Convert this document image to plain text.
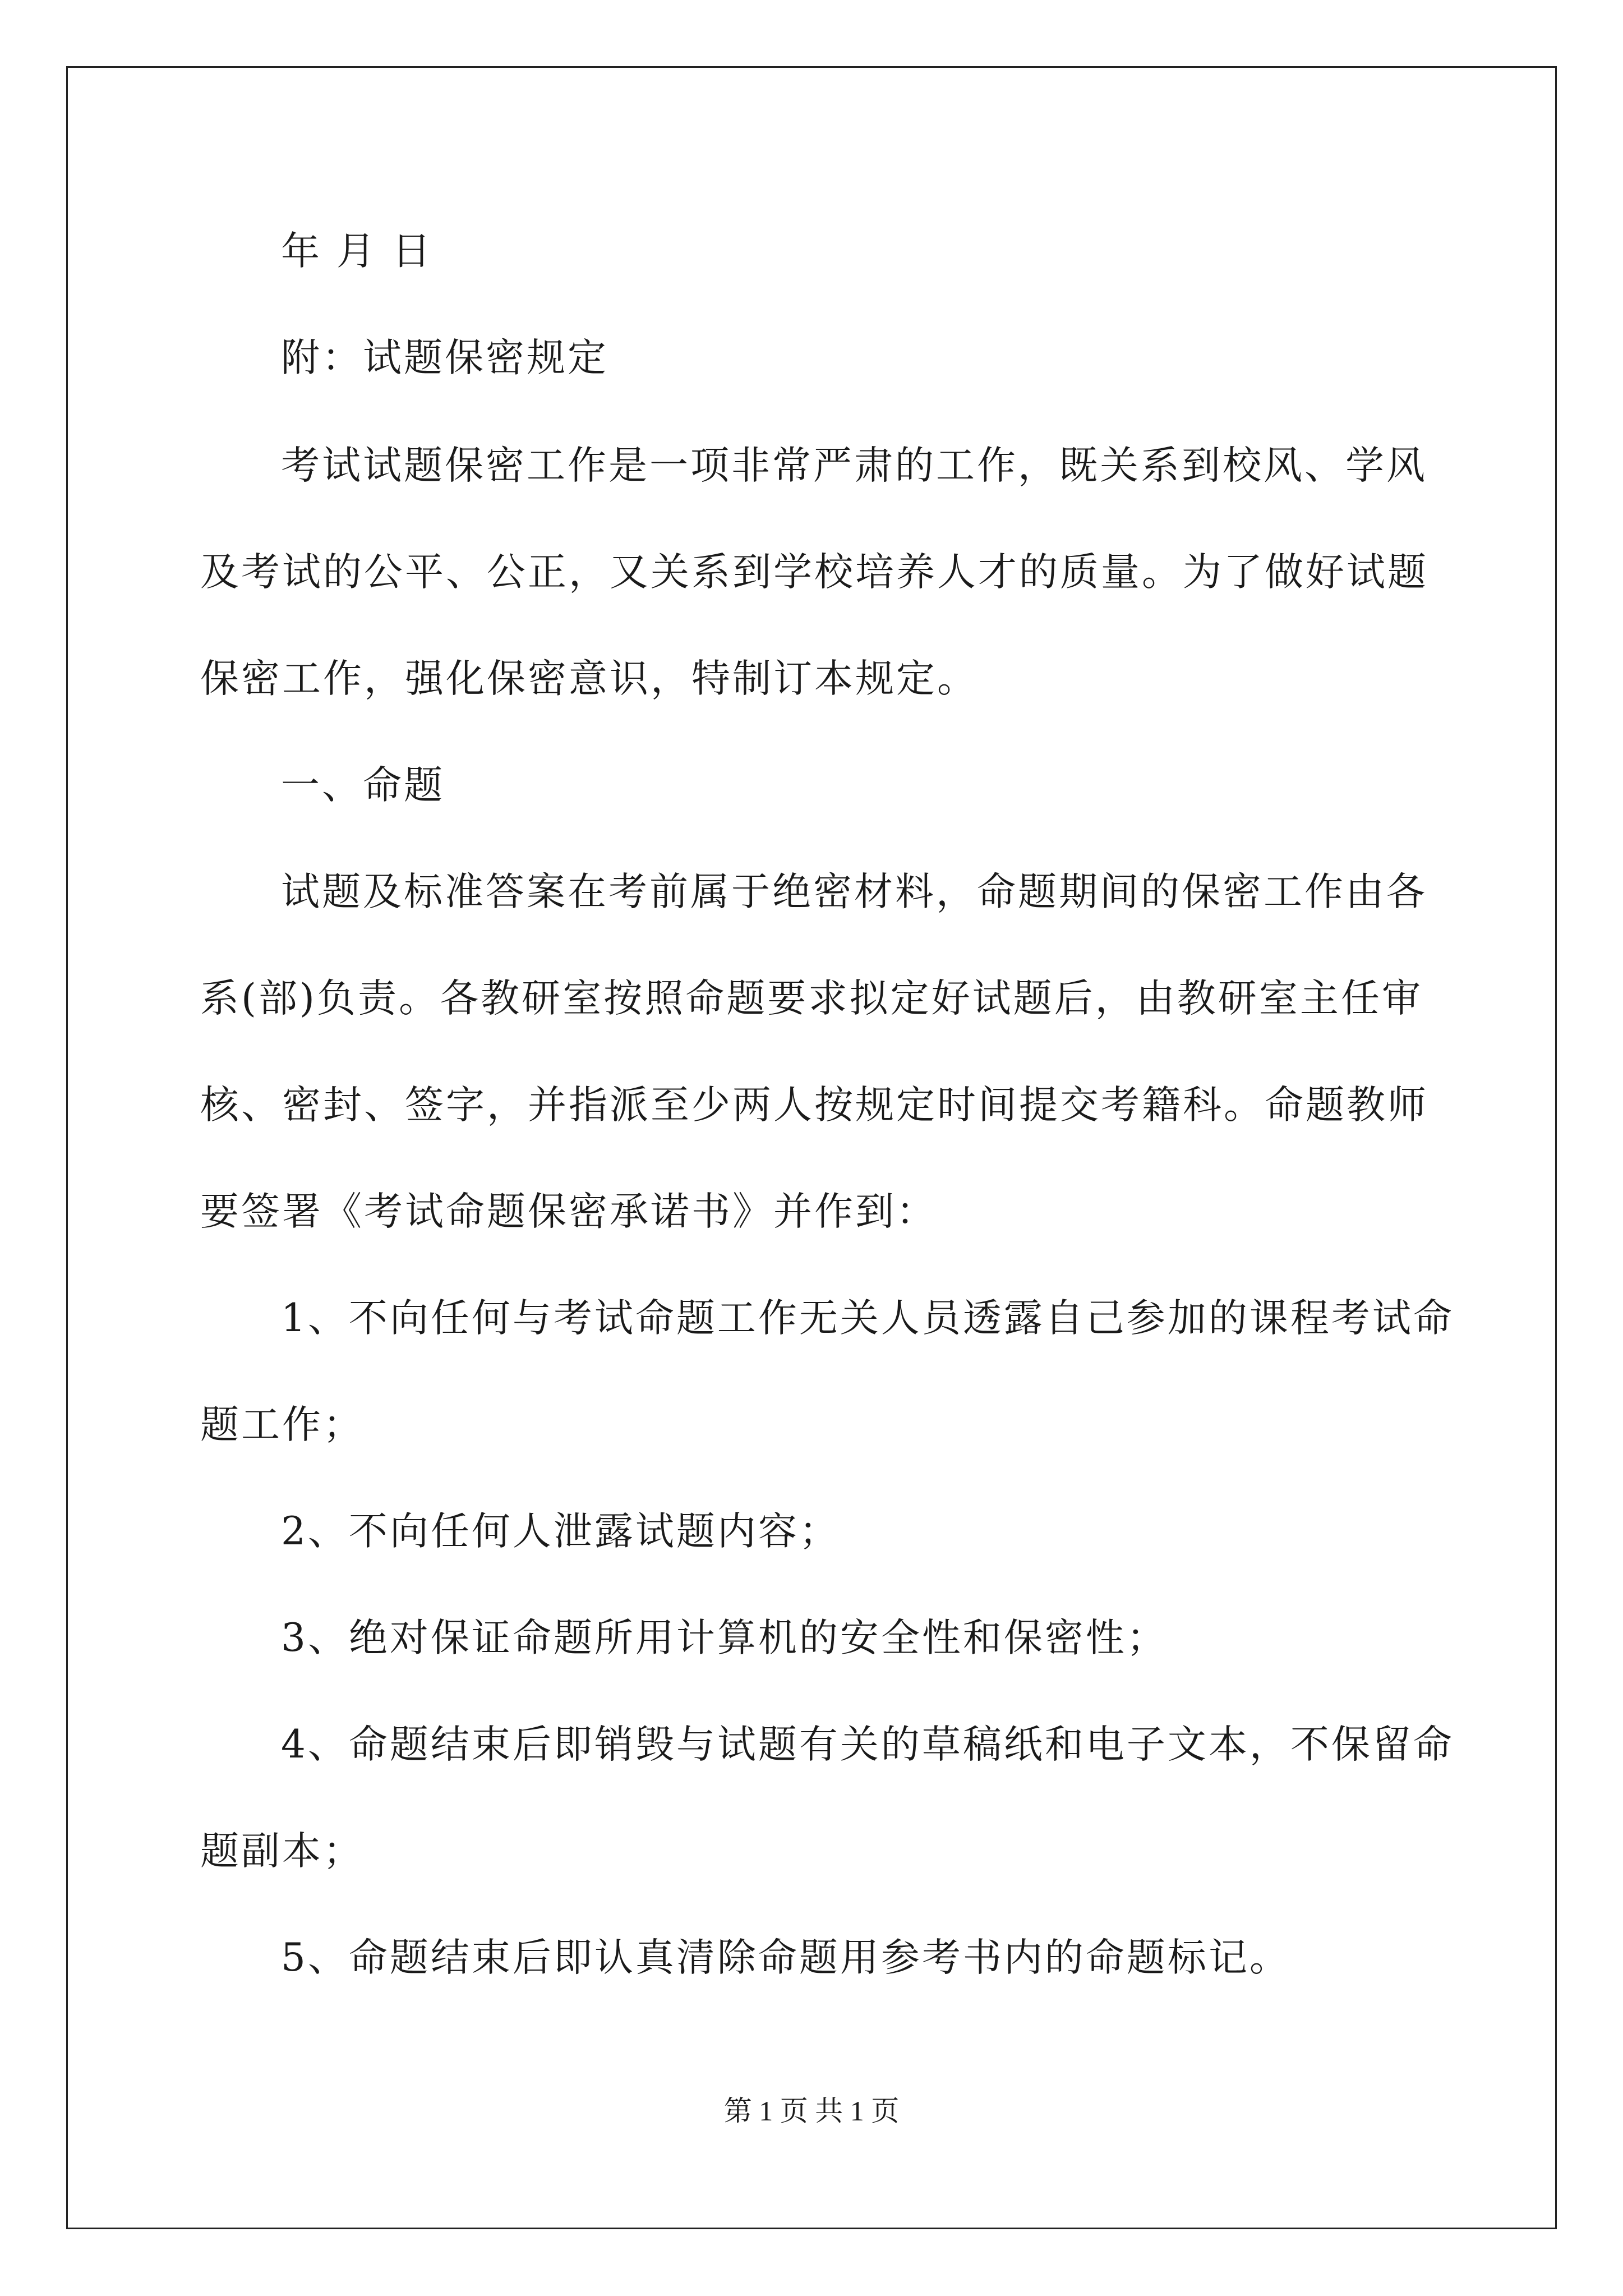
年 月 日
附：试题保密规定
考试试题保密工作是一项非常严肃的工作，既关系到校风、学风
及考试的公平、公正，又关系到学校培养人才的质量。为了做好试题
保密工作，强化保密意识，特制订本规定。
一、命题
试题及标准答案在考前属于绝密材料，命题期间的保密工作由各
系(部)负责。各教研室按照命题要求拟定好试题后，由教研室主任审
核、密封、签字，并指派至少两人按规定时间提交考籍科。命题教师
要签署《考试命题保密承诺书》并作到：
1、不向任何与考试命题工作无关人员透露自己参加的课程考试命
题工作；
2、不向任何人泄露试题内容；
3、绝对保证命题所用计算机的安全性和保密性；
4、命题结束后即销毁与试题有关的草稿纸和电子文本，不保留命
题副本；
5、命题结束后即认真清除命题用参考书内的命题标记。
第 1 页 共 1 页
